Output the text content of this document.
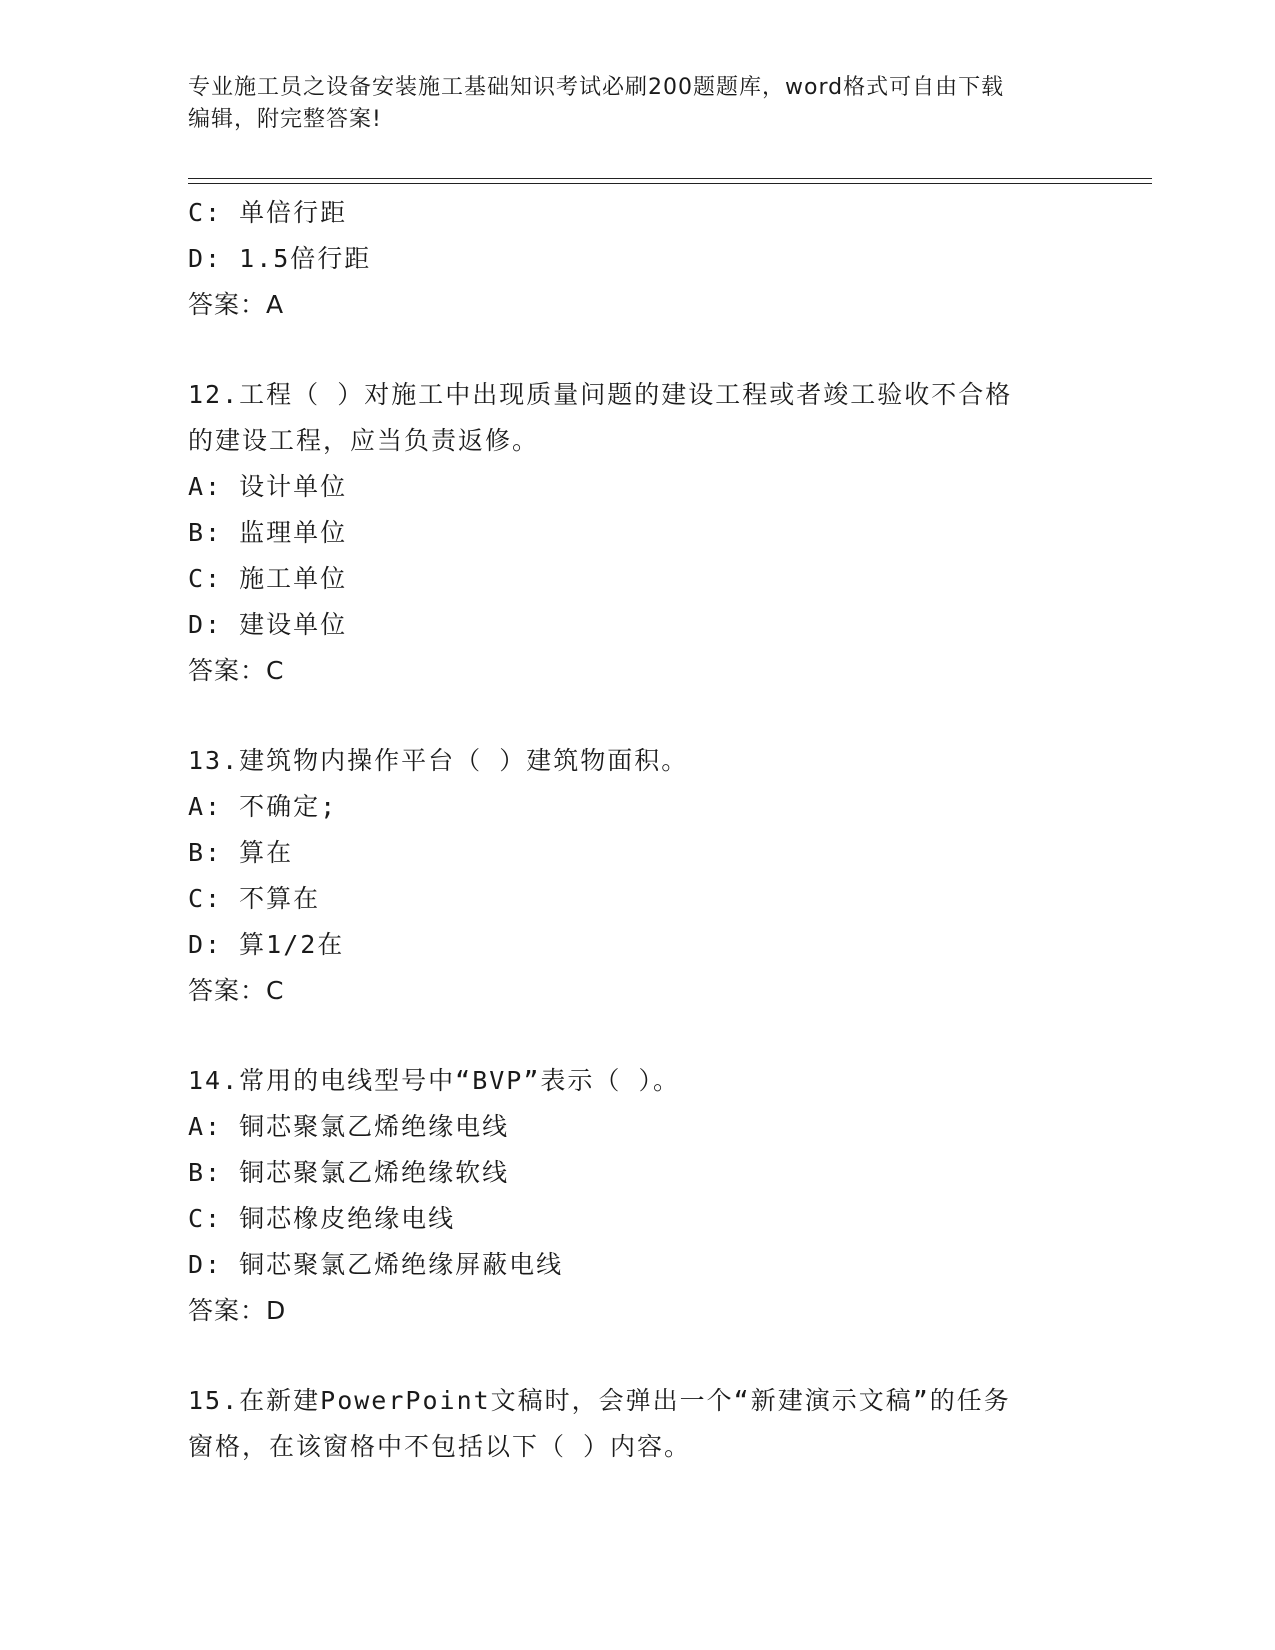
专业施工员之设备安装施工基础知识考试必刷200题题库，word格式可自由下载
编辑，附完整答案!
C: 单倍行距
D: 1.5倍行距
答案：A
12.工程（ ）对施工中出现质量问题的建设工程或者竣工验收不合格
的建设工程，应当负责返修。
A: 设计单位
B: 监理单位
C: 施工单位
D: 建设单位
答案：C
13.建筑物内操作平台（ ）建筑物面积。
A: 不确定;
B: 算在
C: 不算在
D: 算1/2在
答案：C
14.常用的电线型号中“BVP”表示（ ）。
A: 铜芯聚氯乙烯绝缘电线
B: 铜芯聚氯乙烯绝缘软线
C: 铜芯橡皮绝缘电线
D: 铜芯聚氯乙烯绝缘屏蔽电线
答案：D
15.在新建PowerPoint文稿时，会弹出一个“新建演示文稿”的任务
窗格，在该窗格中不包括以下（ ）内容。
